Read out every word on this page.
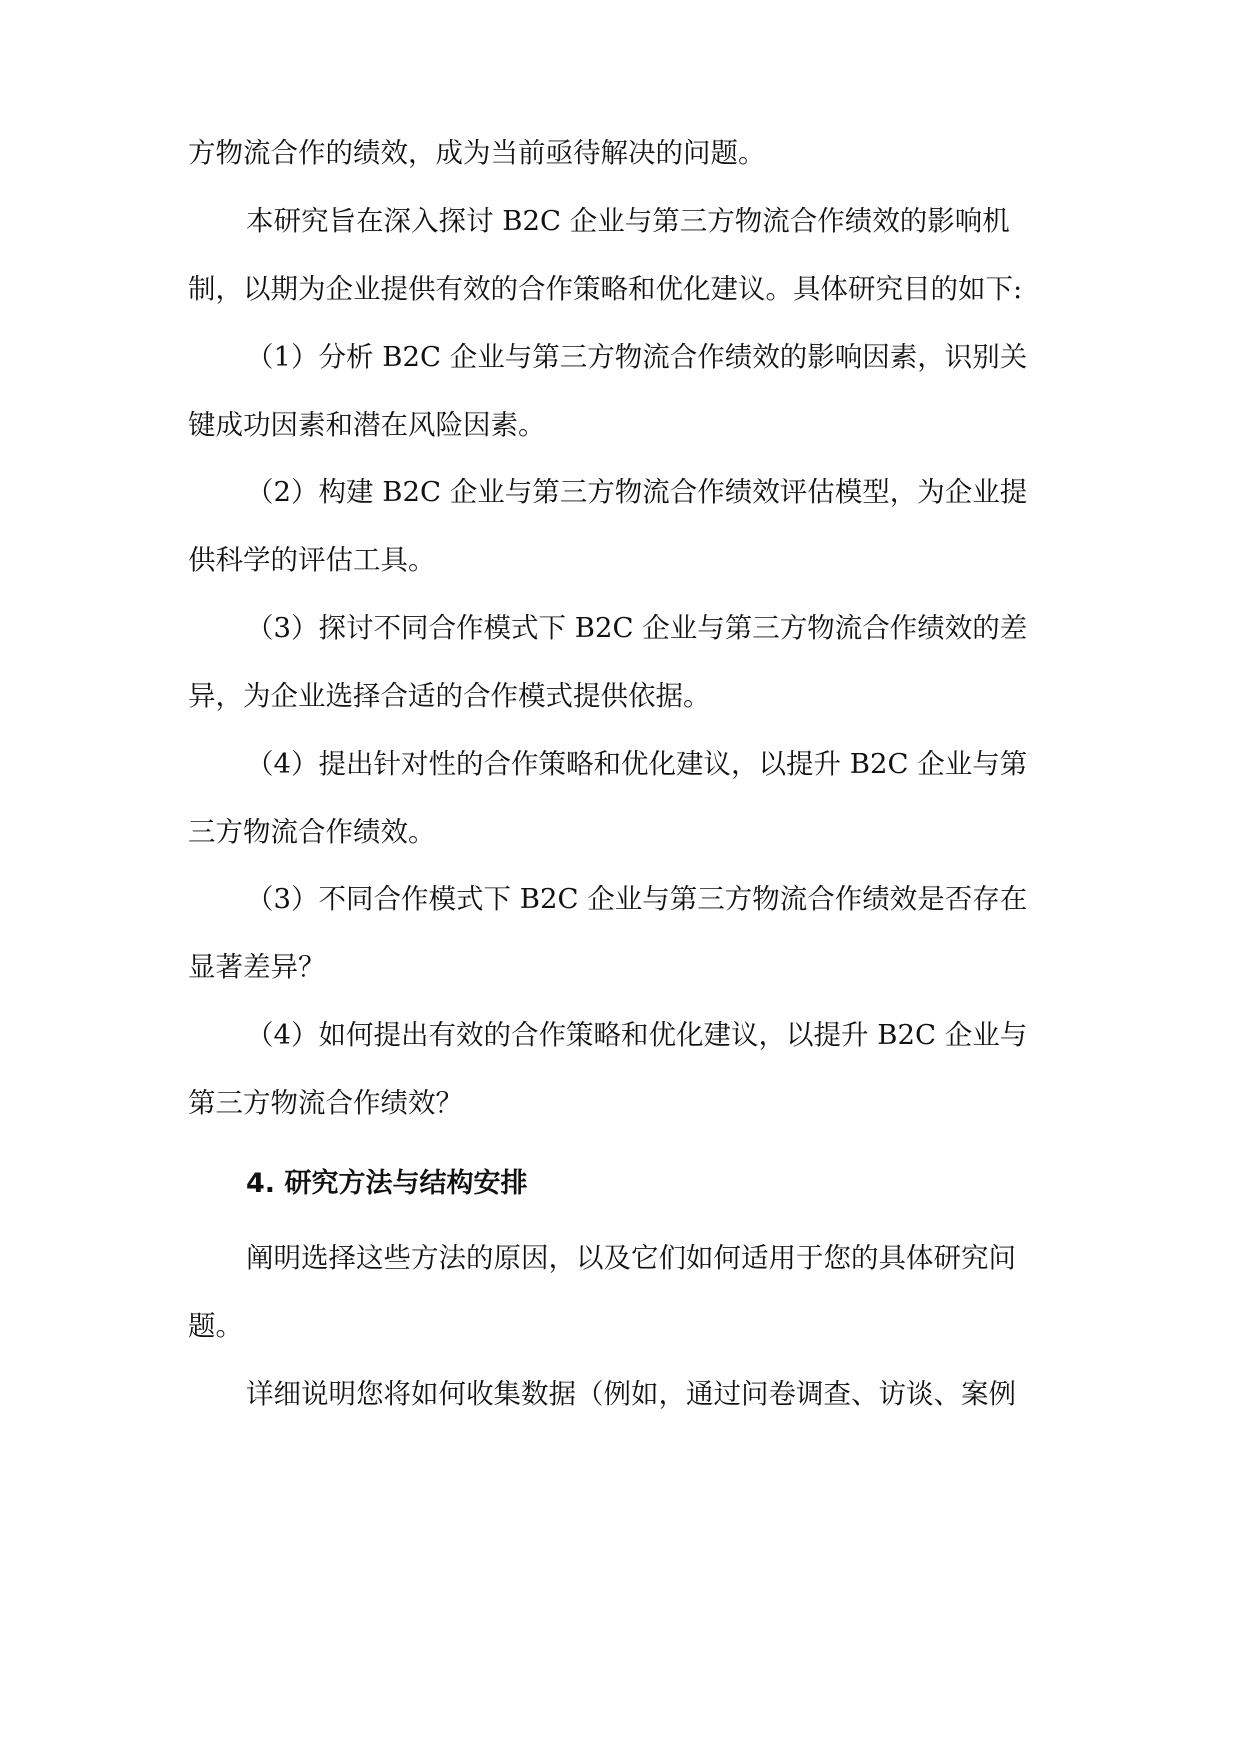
方物流合作的绩效，成为当前亟待解决的问题。

本研究旨在深入探讨 B2C 企业与第三方物流合作绩效的影响机

制，以期为企业提供有效的合作策略和优化建议。具体研究目的如下:

（1）分析 B2C 企业与第三方物流合作绩效的影响因素，识别关

键成功因素和潜在风险因素。

（2）构建 B2C 企业与第三方物流合作绩效评估模型，为企业提

供科学的评估工具。

（3）探讨不同合作模式下 B2C 企业与第三方物流合作绩效的差

异，为企业选择合适的合作模式提供依据。

（4）提出针对性的合作策略和优化建议，以提升 B2C 企业与第

三方物流合作绩效。

（3）不同合作模式下 B2C 企业与第三方物流合作绩效是否存在

显著差异？

（4）如何提出有效的合作策略和优化建议，以提升 B2C 企业与

第三方物流合作绩效？

4. 研究方法与结构安排

阐明选择这些方法的原因，以及它们如何适用于您的具体研究问

题。

详细说明您将如何收集数据（例如，通过问卷调查、访谈、案例
